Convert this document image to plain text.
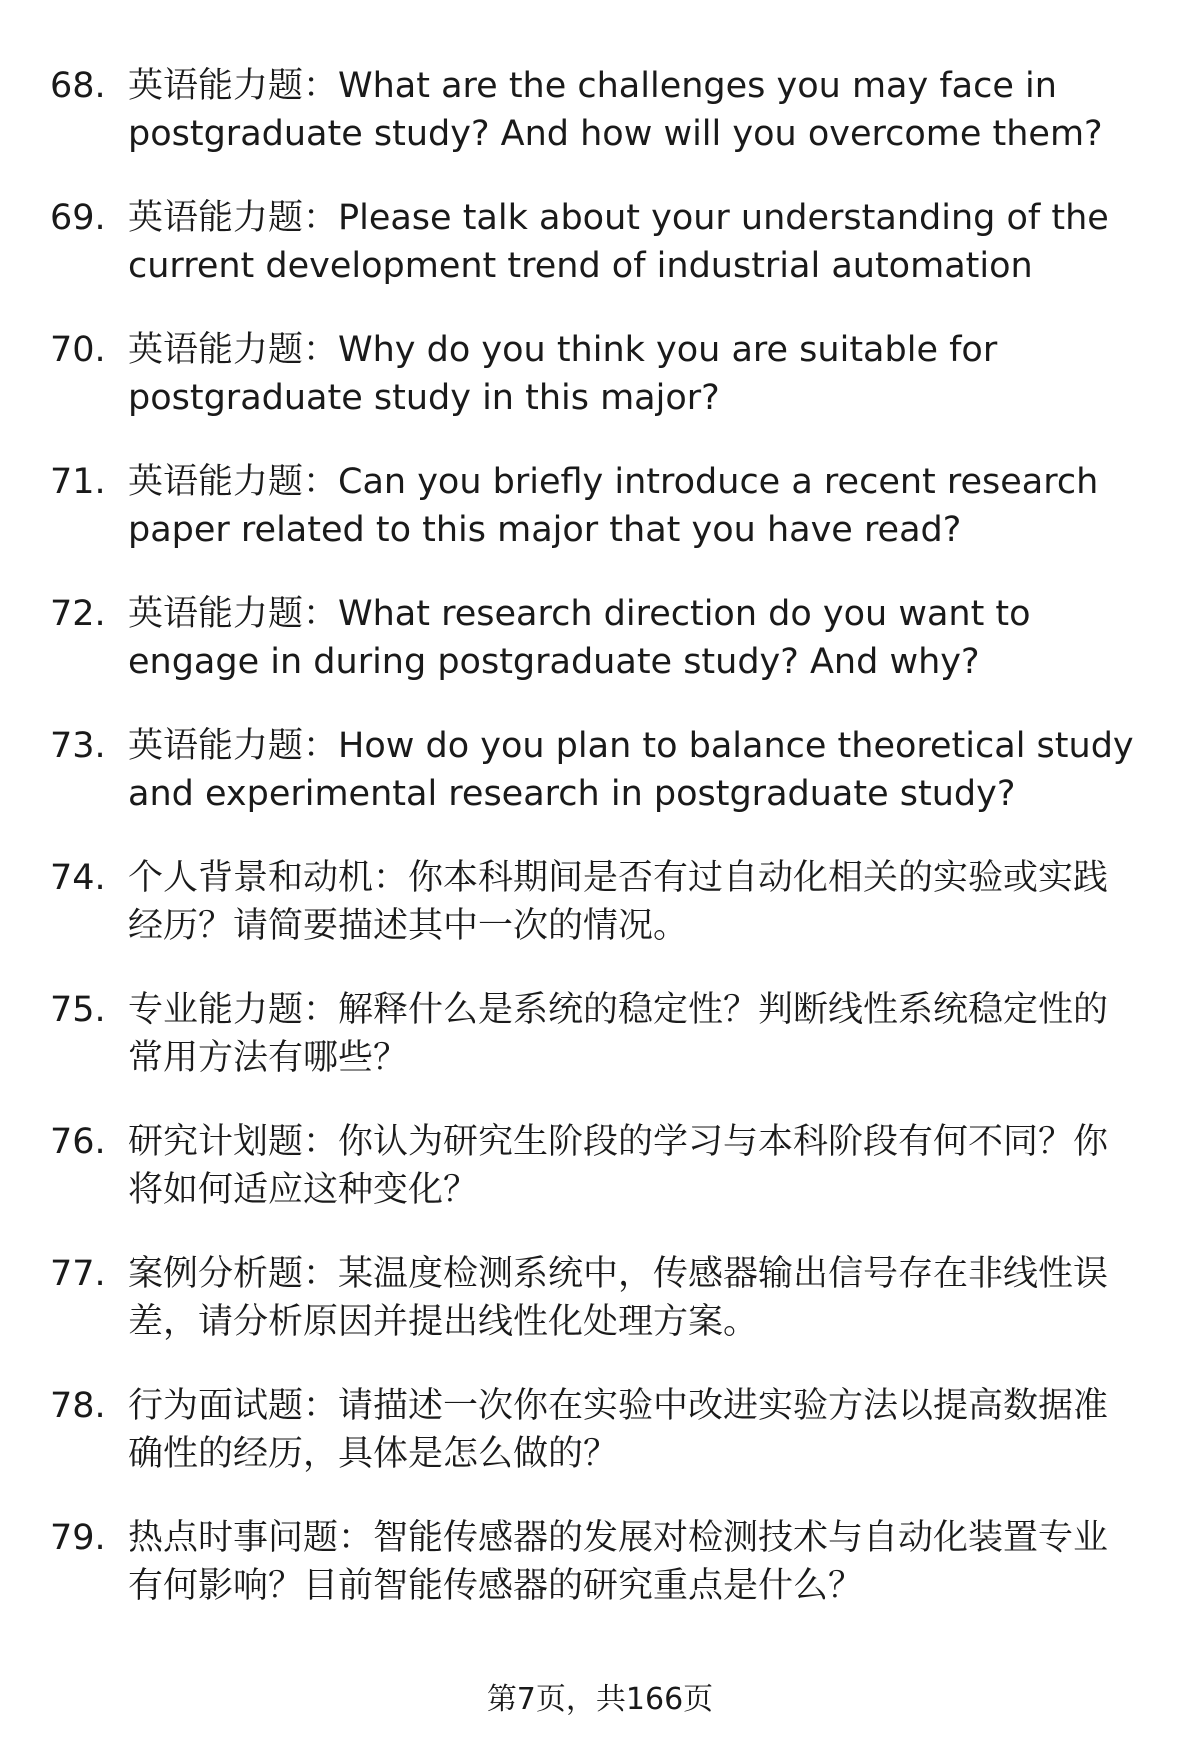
68. 英语能力题：What are the challenges you may face in postgraduate study? And how will you overcome them?
69. 英语能力题：Please talk about your understanding of the current development trend of industrial automation
70. 英语能力题：Why do you think you are suitable for postgraduate study in this major?
71. 英语能力题：Can you briefly introduce a recent research paper related to this major that you have read?
72. 英语能力题：What research direction do you want to engage in during postgraduate study? And why?
73. 英语能力题：How do you plan to balance theoretical study and experimental research in postgraduate study?
74. 个人背景和动机：你本科期间是否有过自动化相关的实验或实践经历？请简要描述其中一次的情况。
75. 专业能力题：解释什么是系统的稳定性？判断线性系统稳定性的常用方法有哪些？
76. 研究计划题：你认为研究生阶段的学习与本科阶段有何不同？你将如何适应这种变化？
77. 案例分析题：某温度检测系统中，传感器输出信号存在非线性误差，请分析原因并提出线性化处理方案。
78. 行为面试题：请描述一次你在实验中改进实验方法以提高数据准确性的经历，具体是怎么做的？
79. 热点时事问题：智能传感器的发展对检测技术与自动化装置专业有何影响？目前智能传感器的研究重点是什么？
第7页，共166页
